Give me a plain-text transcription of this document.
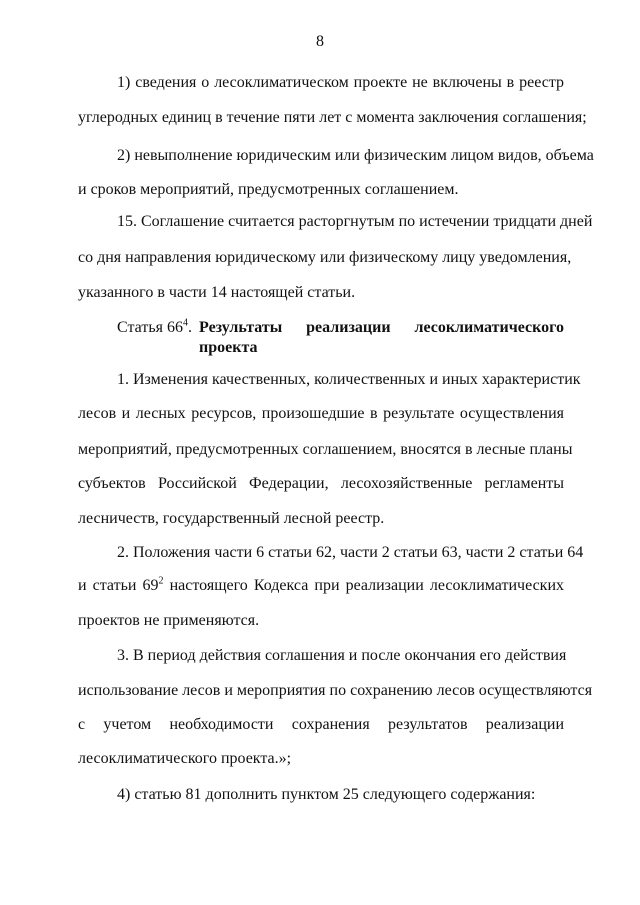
8
1) сведения о лесоклиматическом проекте не включены в реестр
углеродных единиц в течение пяти лет с момента заключения соглашения;
2) невыполнение юридическим или физическим лицом видов, объема
и сроков мероприятий, предусмотренных соглашением.
15. Соглашение считается расторгнутым по истечении тридцати дней
со дня направления юридическому или физическому лицу уведомления,
указанного в части 14 настоящей статьи.
Статья $66^4$. Результаты реализации лесоклиматического
проекта
1. Изменения качественных, количественных и иных характеристик
лесов и лесных ресурсов, произошедшие в результате осуществления
мероприятий, предусмотренных соглашением, вносятся в лесные планы
субъектов Российской Федерации, лесохозяйственные регламенты
лесничеств, государственный лесной реестр.
2. Положения части 6 статьи 62, части 2 статьи 63, части 2 статьи 64
и статьи $69^2$ настоящего Кодекса при реализации лесоклиматических
проектов не применяются.
3. В период действия соглашения и после окончания его действия
использование лесов и мероприятия по сохранению лесов осуществляются
с учетом необходимости сохранения результатов реализации
лесоклиматического проекта.»;
4) статью 81 дополнить пунктом 25 следующего содержания:
